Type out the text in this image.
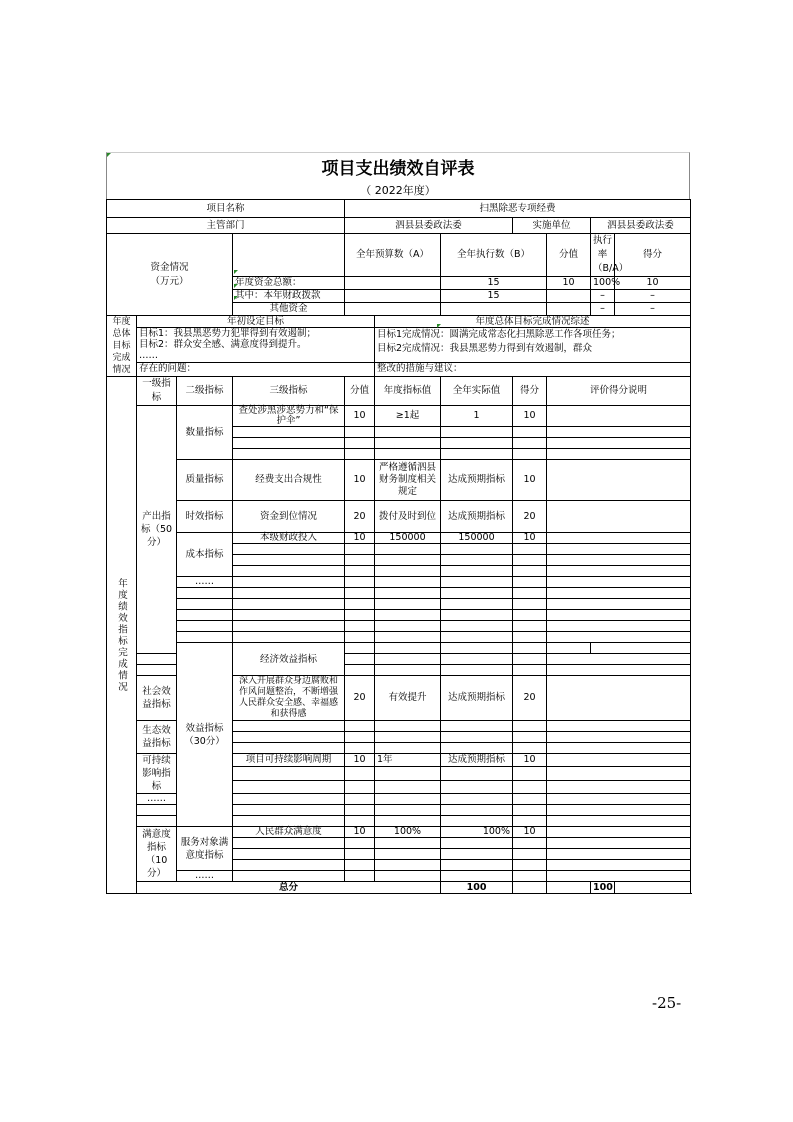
项目支出绩效自评表
（ 2022年度）
项目名称				扫黑除恶专项经费						
主管部门				泗县县委政法委			实施单位		泗县县委政法委	

资金情况
（万元）				全年预算数（A）		全年执行数（B）		分值	执行率（B/A）	得分
			年度资金总额：			15		10	100%	10
			其中：本年财政拨款			15			–	–
			其他资金						–	–
年度总体目标完成情况	年初设定目标				年度总体目标完成情况综述					
	目标1：我县黑恶势力犯罪得到有效遏制；
目标2：群众安全感、满意度得到提升。
……				目标1完成情况：圆满完成常态化扫黑除恶工作各项任务；
目标2完成情况：我县黑恶势力得到有效遏制，群众					
	存在的问题：				整改的措施与建议：					
年度绩效指标完成情况	一级指标	二级指标	三级指标	分值	年度指标值	全年实际值	得分	评价得分说明		
	产出指标（50分）	数量指标	查处涉黑涉恶势力和“保护伞”	10	≥1起	1	10			

		质量指标	经费支出合规性	10	严格遵循泗县财务制度相关规定	达成预期指标	10			
		时效指标	资金到位情况	20	拨付及时到位	达成预期指标	20			
		成本指标	本级财政投入	10	150000	150000	10			

		……								

		效益指标（30分）	经济效益指标							

	社会效益指标		深入开展群众身边腐败和作风问题整治，不断增强人民群众安全感、幸福感和获得感	20	有效提升	达成预期指标	20			
	生态效益指标									

	可持续影响指标		项目可持续影响周期	10	1年	达成预期指标	10			

	……									

	满意度指标（10分）	服务对象满意度指标	人民群众满意度	10	100%	100%	10			

		……								
	总分					100			100	
-25-
